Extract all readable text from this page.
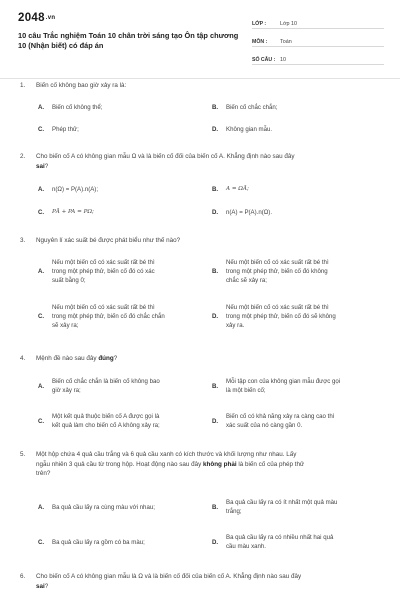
2048.vn
10 câu Trắc nghiệm Toán 10 chân trời sáng tạo Ôn tập chương 10 (Nhận biết) có đáp án
LỚP :	Lớp 10
MÔN :	Toán
SỐ CÂU : 10
1.	Biến cố không bao giờ xảy ra là:
A. Biến cố không thể;	B. Biến cố chắc chắn;
C. Phép thử;	D. Không gian mẫu.
2.	Cho biến cố A có không gian mẫu Ω và là biến cố đối của biến cố A. Khẳng định nào sau đây
sai?
A. n(Ω) = P(A).n(A);	B. A = ΩĀ;
C. PĀ + PA = PΩ;	D. n(A) = P(A).n(Ω).
3.	Nguyên lí xác suất bé được phát biểu như thế nào?
A.
Nếu một biến cố có xác suất rất bé thì
trong một phép thử, biến cố đó có xác
suất bằng 0;
B.
Nếu một biến cố có xác suất rất bé thì
trong một phép thử, biến cố đó không
chắc sẽ xảy ra;
C.
Nếu một biến cố có xác suất rất bé thì
trong một phép thử, biến cố đó chắc chắn
sẽ xảy ra;
D.
Nếu một biến cố có xác suất rất bé thì
trong một phép thử, biến cố đó sẽ không
xảy ra.
4.	Mệnh đề nào sau đây đúng?
A.
Biến cố chắc chắn là biến cố không bao
giờ xảy ra;
B.
Mỗi tập con của không gian mẫu được gọi
là một biến cố;
C.
Một kết quả thuộc biến cố A được gọi là
kết quả làm cho biến cố A không xảy ra;
D.
Biến cố có khả năng xảy ra càng cao thì
xác suất của nó càng gần 0.
5.	Một hộp chứa 4 quả cầu trắng và 6 quả cầu xanh có kích thước và khối lượng như nhau. Lấy
ngẫu nhiên 3 quả cầu từ trong hộp. Hoạt động nào sau đây không phải là biến cố của phép thử
trên?
A. Ba quả cầu lấy ra cùng màu với nhau;	B.
Ba quả cầu lấy ra có ít nhất một quả màu
trắng;
C. Ba quả cầu lấy ra gồm có ba màu;	D.
Ba quả cầu lấy ra có nhiều nhất hai quả
cầu màu xanh.
6.	Cho biến cố A có không gian mẫu là Ω và là biến cố đối của biến cố A. Khẳng định nào sau đây
sai?
